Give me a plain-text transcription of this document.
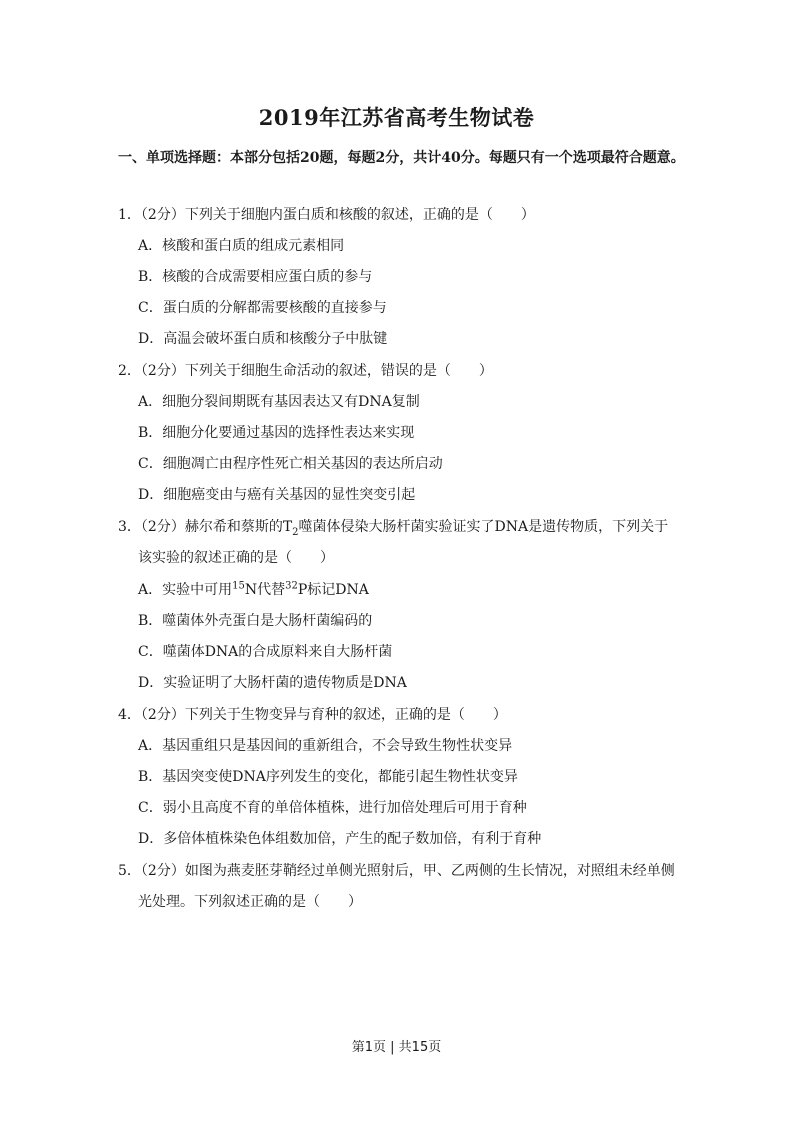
2019年江苏省高考生物试卷
一、单项选择题：本部分包括20题，每题2分，共计40分。每题只有一个选项最符合题意。
1．（2分）下列关于细胞内蛋白质和核酸的叙述，正确的是（　　）
A．核酸和蛋白质的组成元素相同
B．核酸的合成需要相应蛋白质的参与
C．蛋白质的分解都需要核酸的直接参与
D．高温会破坏蛋白质和核酸分子中肽键
2．（2分）下列关于细胞生命活动的叙述，错误的是（　　）
A．细胞分裂间期既有基因表达又有DNA复制
B．细胞分化要通过基因的选择性表达来实现
C．细胞凋亡由程序性死亡相关基因的表达所启动
D．细胞癌变由与癌有关基因的显性突变引起
3．（2分）赫尔希和蔡斯的$T_2$噬菌体侵染大肠杆菌实验证实了DNA是遗传物质，下列关于
该实验的叙述正确的是（　　）
A．实验中可用$^{15}$N代替$^{32}$P标记DNA
B．噬菌体外壳蛋白是大肠杆菌编码的
C．噬菌体DNA的合成原料来自大肠杆菌
D．实验证明了大肠杆菌的遗传物质是DNA
4．（2分）下列关于生物变异与育种的叙述，正确的是（　　）
A．基因重组只是基因间的重新组合，不会导致生物性状变异
B．基因突变使DNA序列发生的变化，都能引起生物性状变异
C．弱小且高度不育的单倍体植株，进行加倍处理后可用于育种
D．多倍体植株染色体组数加倍，产生的配子数加倍，有利于育种
5．（2分）如图为燕麦胚芽鞘经过单侧光照射后，甲、乙两侧的生长情况，对照组未经单侧
光处理。下列叙述正确的是（　　）
第1页 | 共15页
